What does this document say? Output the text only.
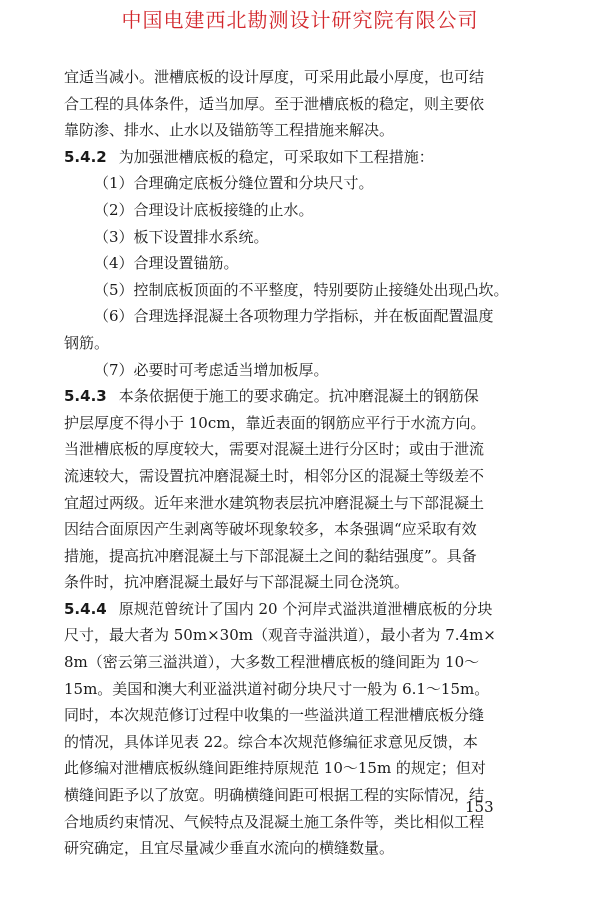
中国电建西北勘测设计研究院有限公司
宜适当减小。泄槽底板的设计厚度，可采用此最小厚度，也可结
合工程的具体条件，适当加厚。至于泄槽底板的稳定，则主要依
靠防渗、排水、止水以及锚筋等工程措施来解决。
5.4.2 为加强泄槽底板的稳定，可采取如下工程措施：
（1）合理确定底板分缝位置和分块尺寸。
（2）合理设计底板接缝的止水。
（3）板下设置排水系统。
（4）合理设置锚筋。
（5）控制底板顶面的不平整度，特别要防止接缝处出现凸坎。
（6）合理选择混凝土各项物理力学指标，并在板面配置温度
钢筋。
（7）必要时可考虑适当增加板厚。
5.4.3 本条依据便于施工的要求确定。抗冲磨混凝土的钢筋保
护层厚度不得小于 10cm，靠近表面的钢筋应平行于水流方向。
当泄槽底板的厚度较大，需要对混凝土进行分区时；或由于泄流
流速较大，需设置抗冲磨混凝土时，相邻分区的混凝土等级差不
宜超过两级。近年来泄水建筑物表层抗冲磨混凝土与下部混凝土
因结合面原因产生剥离等破坏现象较多，本条强调“应采取有效
措施，提高抗冲磨混凝土与下部混凝土之间的黏结强度”。具备
条件时，抗冲磨混凝土最好与下部混凝土同仓浇筑。
5.4.4 原规范曾统计了国内 20 个河岸式溢洪道泄槽底板的分块
尺寸，最大者为 50m×30m（观音寺溢洪道），最小者为 7.4m×
8m（密云第三溢洪道），大多数工程泄槽底板的缝间距为 10～
15m。美国和澳大利亚溢洪道衬砌分块尺寸一般为 6.1～15m。
同时，本次规范修订过程中收集的一些溢洪道工程泄槽底板分缝
的情况，具体详见表 22。综合本次规范修编征求意见反馈，本
此修编对泄槽底板纵缝间距维持原规范 10～15m 的规定；但对
横缝间距予以了放宽。明确横缝间距可根据工程的实际情况，结
合地质约束情况、气候特点及混凝土施工条件等，类比相似工程
研究确定，且宜尽量减少垂直水流向的横缝数量。
153
